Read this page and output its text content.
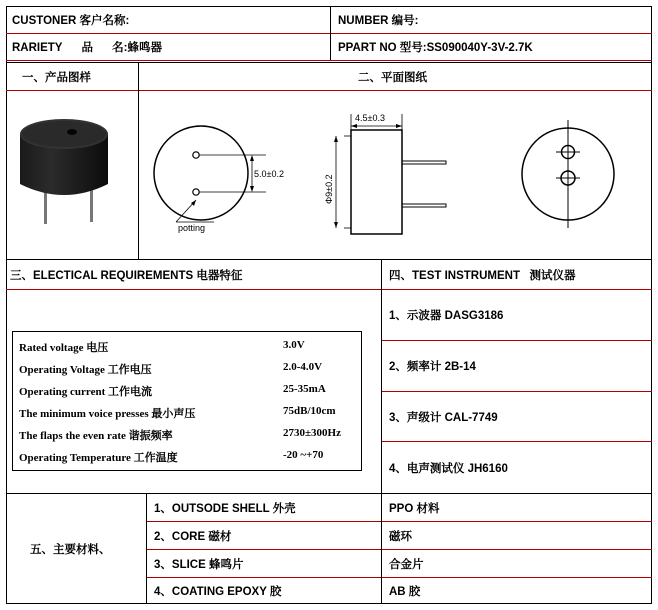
CUSTONER 客户名称:	NUMBER 编号:
RARIETY      品      名:蜂鸣器	PPART NO 型号:SS090040Y-3V-2.7K
一、产品图样	二、平面图纸
三、ELECTICAL REQUIREMENTS 电器特征	四、TEST INSTRUMENT   测试仪器
5.0±0.2
potting
4.5±0.3
Φ9±0.2
Rated voltage 电压	3.0V
Operating Voltage 工作电压	2.0-4.0V
Operating current 工作电流	25-35mA
The minimum voice presses 最小声压	75dB/10cm
The flaps the even rate 谐振频率	2730±300Hz
Operating Temperature 工作温度	-20 ~+70
1、示波器 DASG3186
2、频率计 2B-14
3、声级计 CAL-7749
4、电声测试仪 JH6160
五、主要材料、
1、OUTSODE SHELL 外壳	PPO 材料
2、CORE 磁材	磁环
3、SLICE 蜂鸣片	合金片
4、COATING EPOXY 胶	AB 胶
